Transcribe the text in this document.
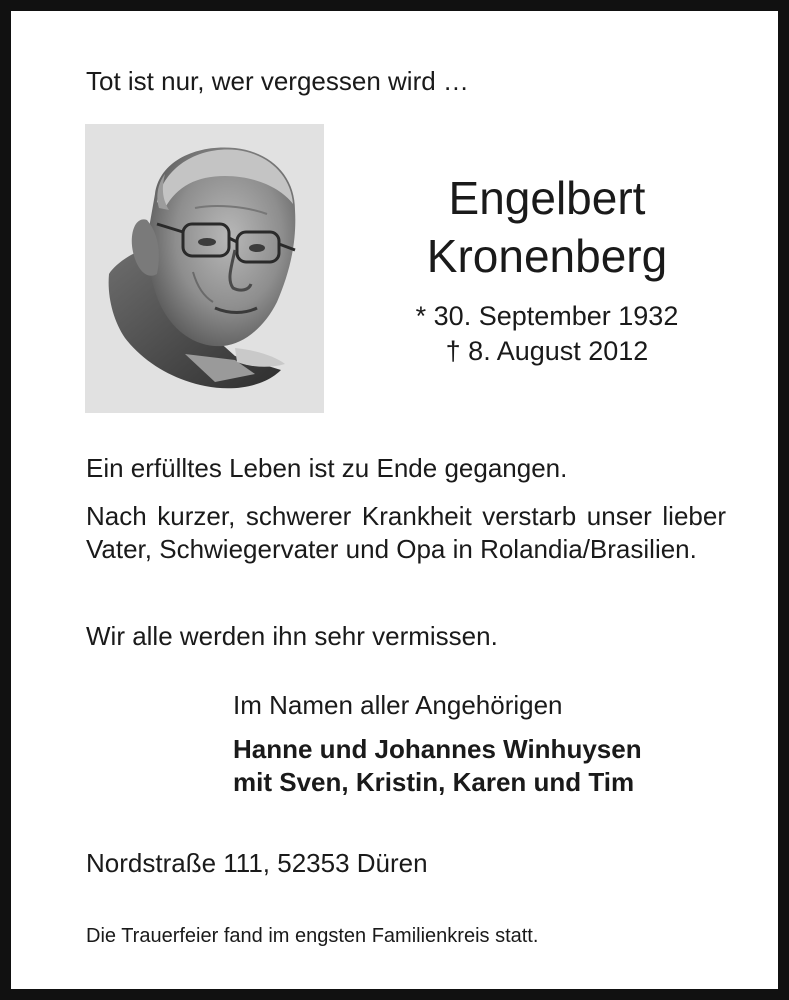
Tot ist nur, wer vergessen wird …
Engelbert
Kronenberg
* 30. September 1932
† 8. August 2012
Ein erfülltes Leben ist zu Ende gegangen.
Nach kurzer, schwerer Krankheit verstarb unser lieber Vater, Schwiegervater und Opa in Rolandia/Brasilien.
Wir alle werden ihn sehr vermissen.
Im Namen aller Angehörigen
Hanne und Johannes Winhuysen
mit Sven, Kristin, Karen und Tim
Nordstraße 111, 52353 Düren
Die Trauerfeier fand im engsten Familienkreis statt.
